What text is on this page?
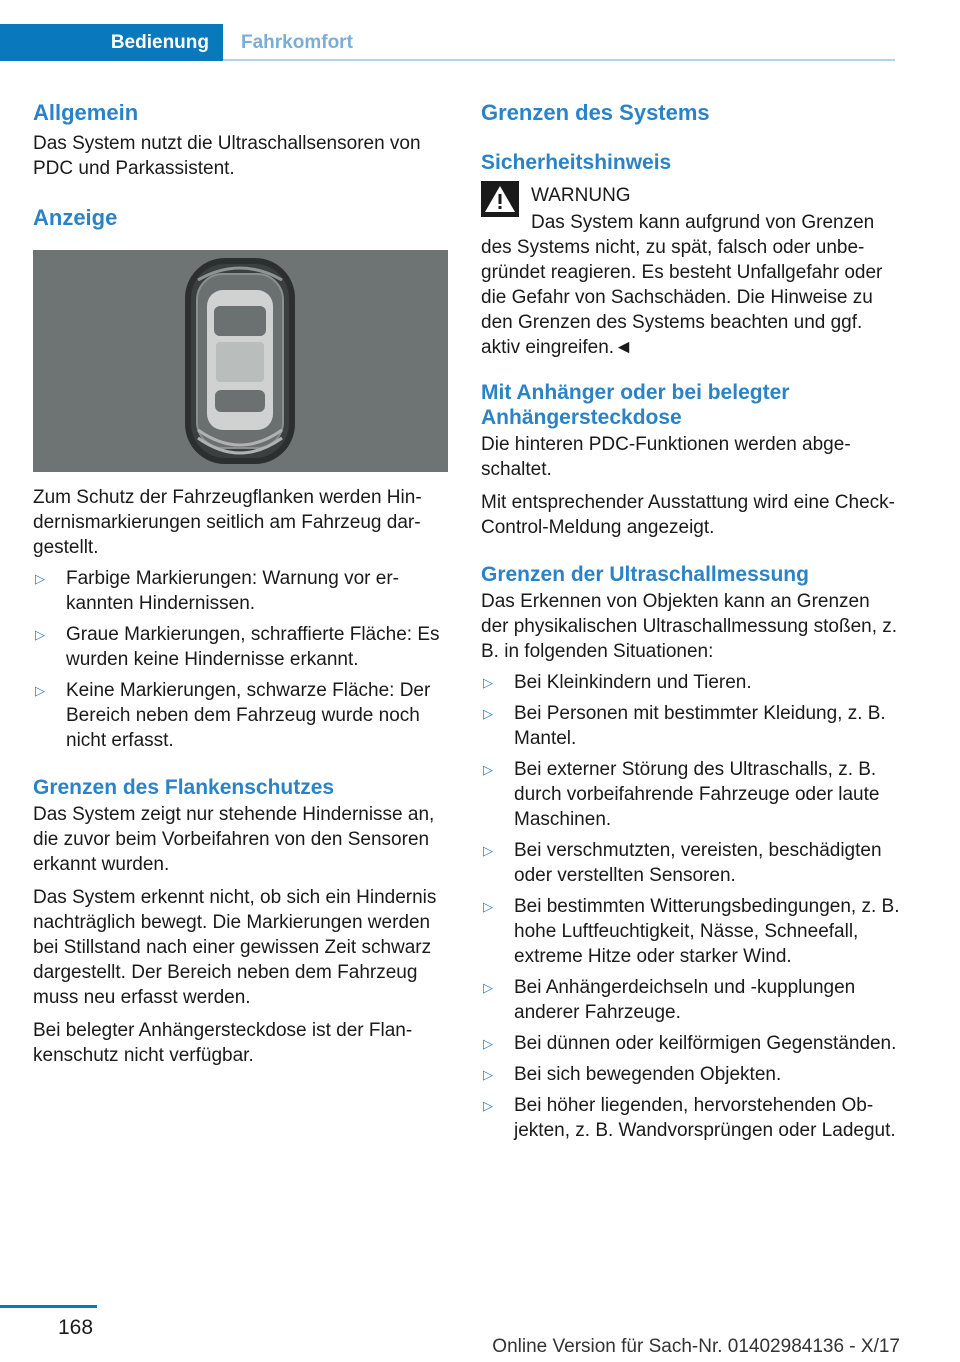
Bedienung	Fahrkomfort
Allgemein

Das System nutzt die Ultraschallsensoren von PDC und Parkassistent.

Anzeige

Zum Schutz der Fahrzeugflanken werden Hindernismarkierungen seitlich am Fahrzeug dargestellt.

▷ Farbige Markierungen: Warnung vor erkannten Hindernissen.
▷ Graue Markierungen, schraffierte Fläche: Es wurden keine Hindernisse erkannt.
▷ Keine Markierungen, schwarze Fläche: Der Bereich neben dem Fahrzeug wurde noch nicht erfasst.
Grenzen des Flankenschutzes

Das System zeigt nur stehende Hindernisse an, die zuvor beim Vorbeifahren von den Sensoren erkannt wurden.

Das System erkennt nicht, ob sich ein Hindernis nachträglich bewegt. Die Markierungen werden bei Stillstand nach einer gewissen Zeit schwarz dargestellt. Der Bereich neben dem Fahrzeug muss neu erfasst werden.

Bei belegter Anhängersteckdose ist der Flankenschutz nicht verfügbar.

Grenzen des Systems
Sicherheitshinweis

WARNUNG

Das System kann aufgrund von Grenzen des Systems nicht, zu spät, falsch oder unbegründet reagieren. Es besteht Unfallgefahr oder die Gefahr von Sachschäden. Die Hinweise zu den Grenzen des Systems beachten und ggf. aktiv eingreifen.◄

Mit Anhänger oder bei belegter Anhängersteckdose

Die hinteren PDC-Funktionen werden abgeschaltet.

Mit entsprechender Ausstattung wird eine Check-Control-Meldung angezeigt.

Grenzen der Ultraschallmessung

Das Erkennen von Objekten kann an Grenzen der physikalischen Ultraschallmessung stoßen, z. B. in folgenden Situationen:

▷ Bei Kleinkindern und Tieren.
▷ Bei Personen mit bestimmter Kleidung, z. B. Mantel.
▷ Bei externer Störung des Ultraschalls, z. B. durch vorbeifahrende Fahrzeuge oder laute Maschinen.
▷ Bei verschmutzten, vereisten, beschädigten oder verstellten Sensoren.
▷ Bei bestimmten Witterungsbedingungen, z. B. hohe Luftfeuchtigkeit, Nässe, Schneefall, extreme Hitze oder starker Wind.
▷ Bei Anhängerdeichseln und -kupplungen anderer Fahrzeuge.
▷ Bei dünnen oder keilförmigen Gegenständen.
▷ Bei sich bewegenden Objekten.
▷ Bei höher liegenden, hervorstehenden Objekten, z. B. Wandvorsprüngen oder Ladegut.
168
Online Version für Sach-Nr. 01402984136 - X/17
